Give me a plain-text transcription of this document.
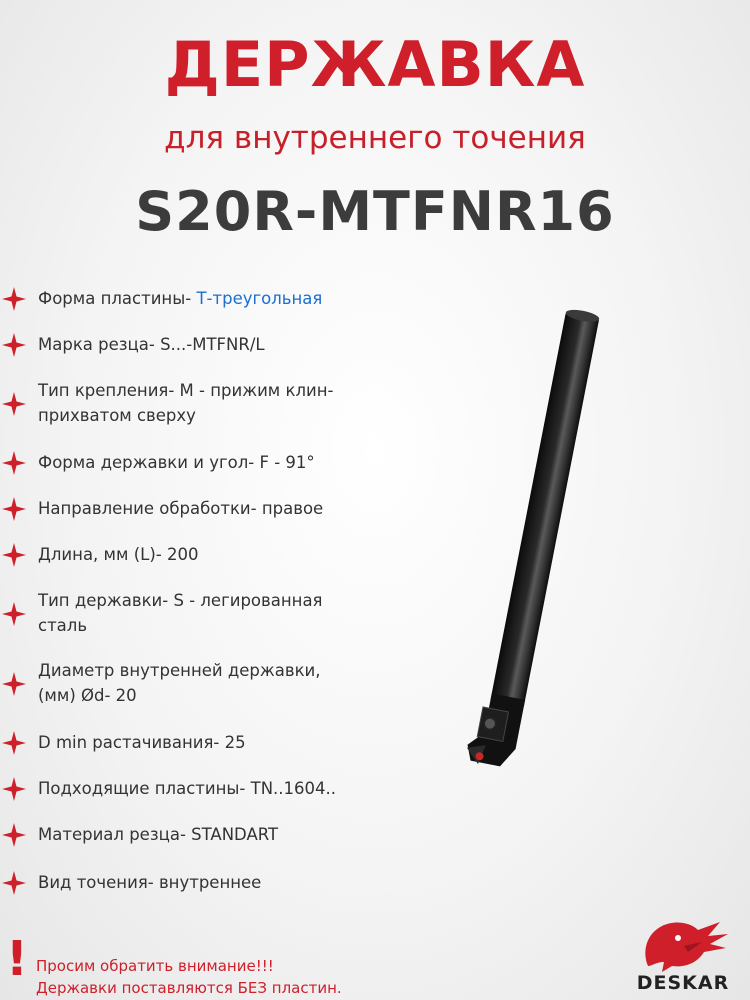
ДЕРЖАВКА
для внутреннего точения
S20R-MTFNR16
Форма пластины- Т-треугольная
Марка резца- S...-MTFNR/L
Тип крепления- М - прижим клин-
прихватом сверху
Форма державки и угол- F - 91°
Направление обработки- правое
Длина, мм (L)- 200
Тип державки- S - легированная
сталь
Диаметр внутренней державки,
(мм) Ød- 20
D min растачивания- 25
Подходящие пластины- TN..1604..
Материал резца- STANDART
Вид точения- внутреннее
! Просим обратить внимание!!!
Державки поставляются БЕЗ пластин.	DESKAR
